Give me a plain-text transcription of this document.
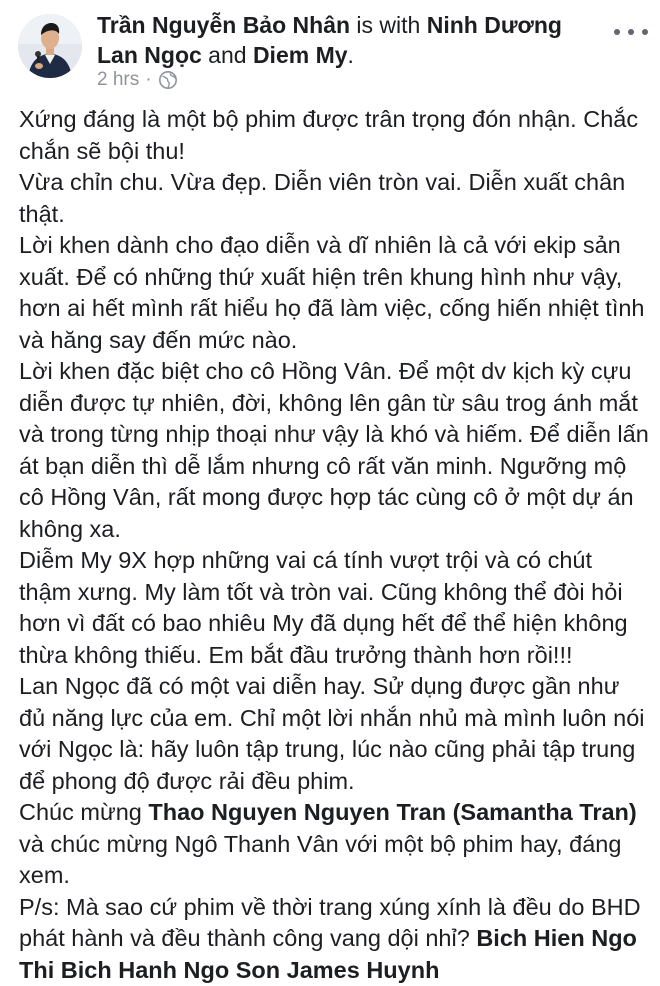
Trần Nguyễn Bảo Nhân is with Ninh Dương Lan Ngọc and Diem My.
2 hrs ·

Xứng đáng là một bộ phim được trân trọng đón nhận. Chắc chắn sẽ bội thu!

Vừa chỉn chu. Vừa đẹp. Diễn viên tròn vai. Diễn xuất chân thật.

Lời khen dành cho đạo diễn và dĩ nhiên là cả với ekip sản xuất. Để có những thứ xuất hiện trên khung hình như vậy, hơn ai hết mình rất hiểu họ đã làm việc, cống hiến nhiệt tình và hăng say đến mức nào.

Lời khen đặc biệt cho cô Hồng Vân. Để một dv kịch kỳ cựu diễn được tự nhiên, đời, không lên gân từ sâu trog ánh mắt và trong từng nhịp thoại như vậy là khó và hiếm. Để diễn lấn át bạn diễn thì dễ lắm nhưng cô rất văn minh. Ngưỡng mộ cô Hồng Vân, rất mong được hợp tác cùng cô ở một dự án không xa.

Diễm My 9X hợp những vai cá tính vượt trội và có chút thậm xưng. My làm tốt và tròn vai. Cũng không thể đòi hỏi hơn vì đất có bao nhiêu My đã dụng hết để thể hiện không thừa không thiếu. Em bắt đầu trưởng thành hơn rồi!!!

Lan Ngọc đã có một vai diễn hay. Sử dụng được gần như đủ năng lực của em. Chỉ một lời nhắn nhủ mà mình luôn nói với Ngọc là: hãy luôn tập trung, lúc nào cũng phải tập trung để phong độ được rải đều phim.

Chúc mừng Thao Nguyen Nguyen Tran (Samantha Tran) và chúc mừng Ngô Thanh Vân với một bộ phim hay, đáng xem.

P/s: Mà sao cứ phim về thời trang xúng xính là đều do BHD phát hành và đều thành công vang dội nhỉ? Bich Hien Ngo Thi Bich Hanh Ngo Son James Huynh
